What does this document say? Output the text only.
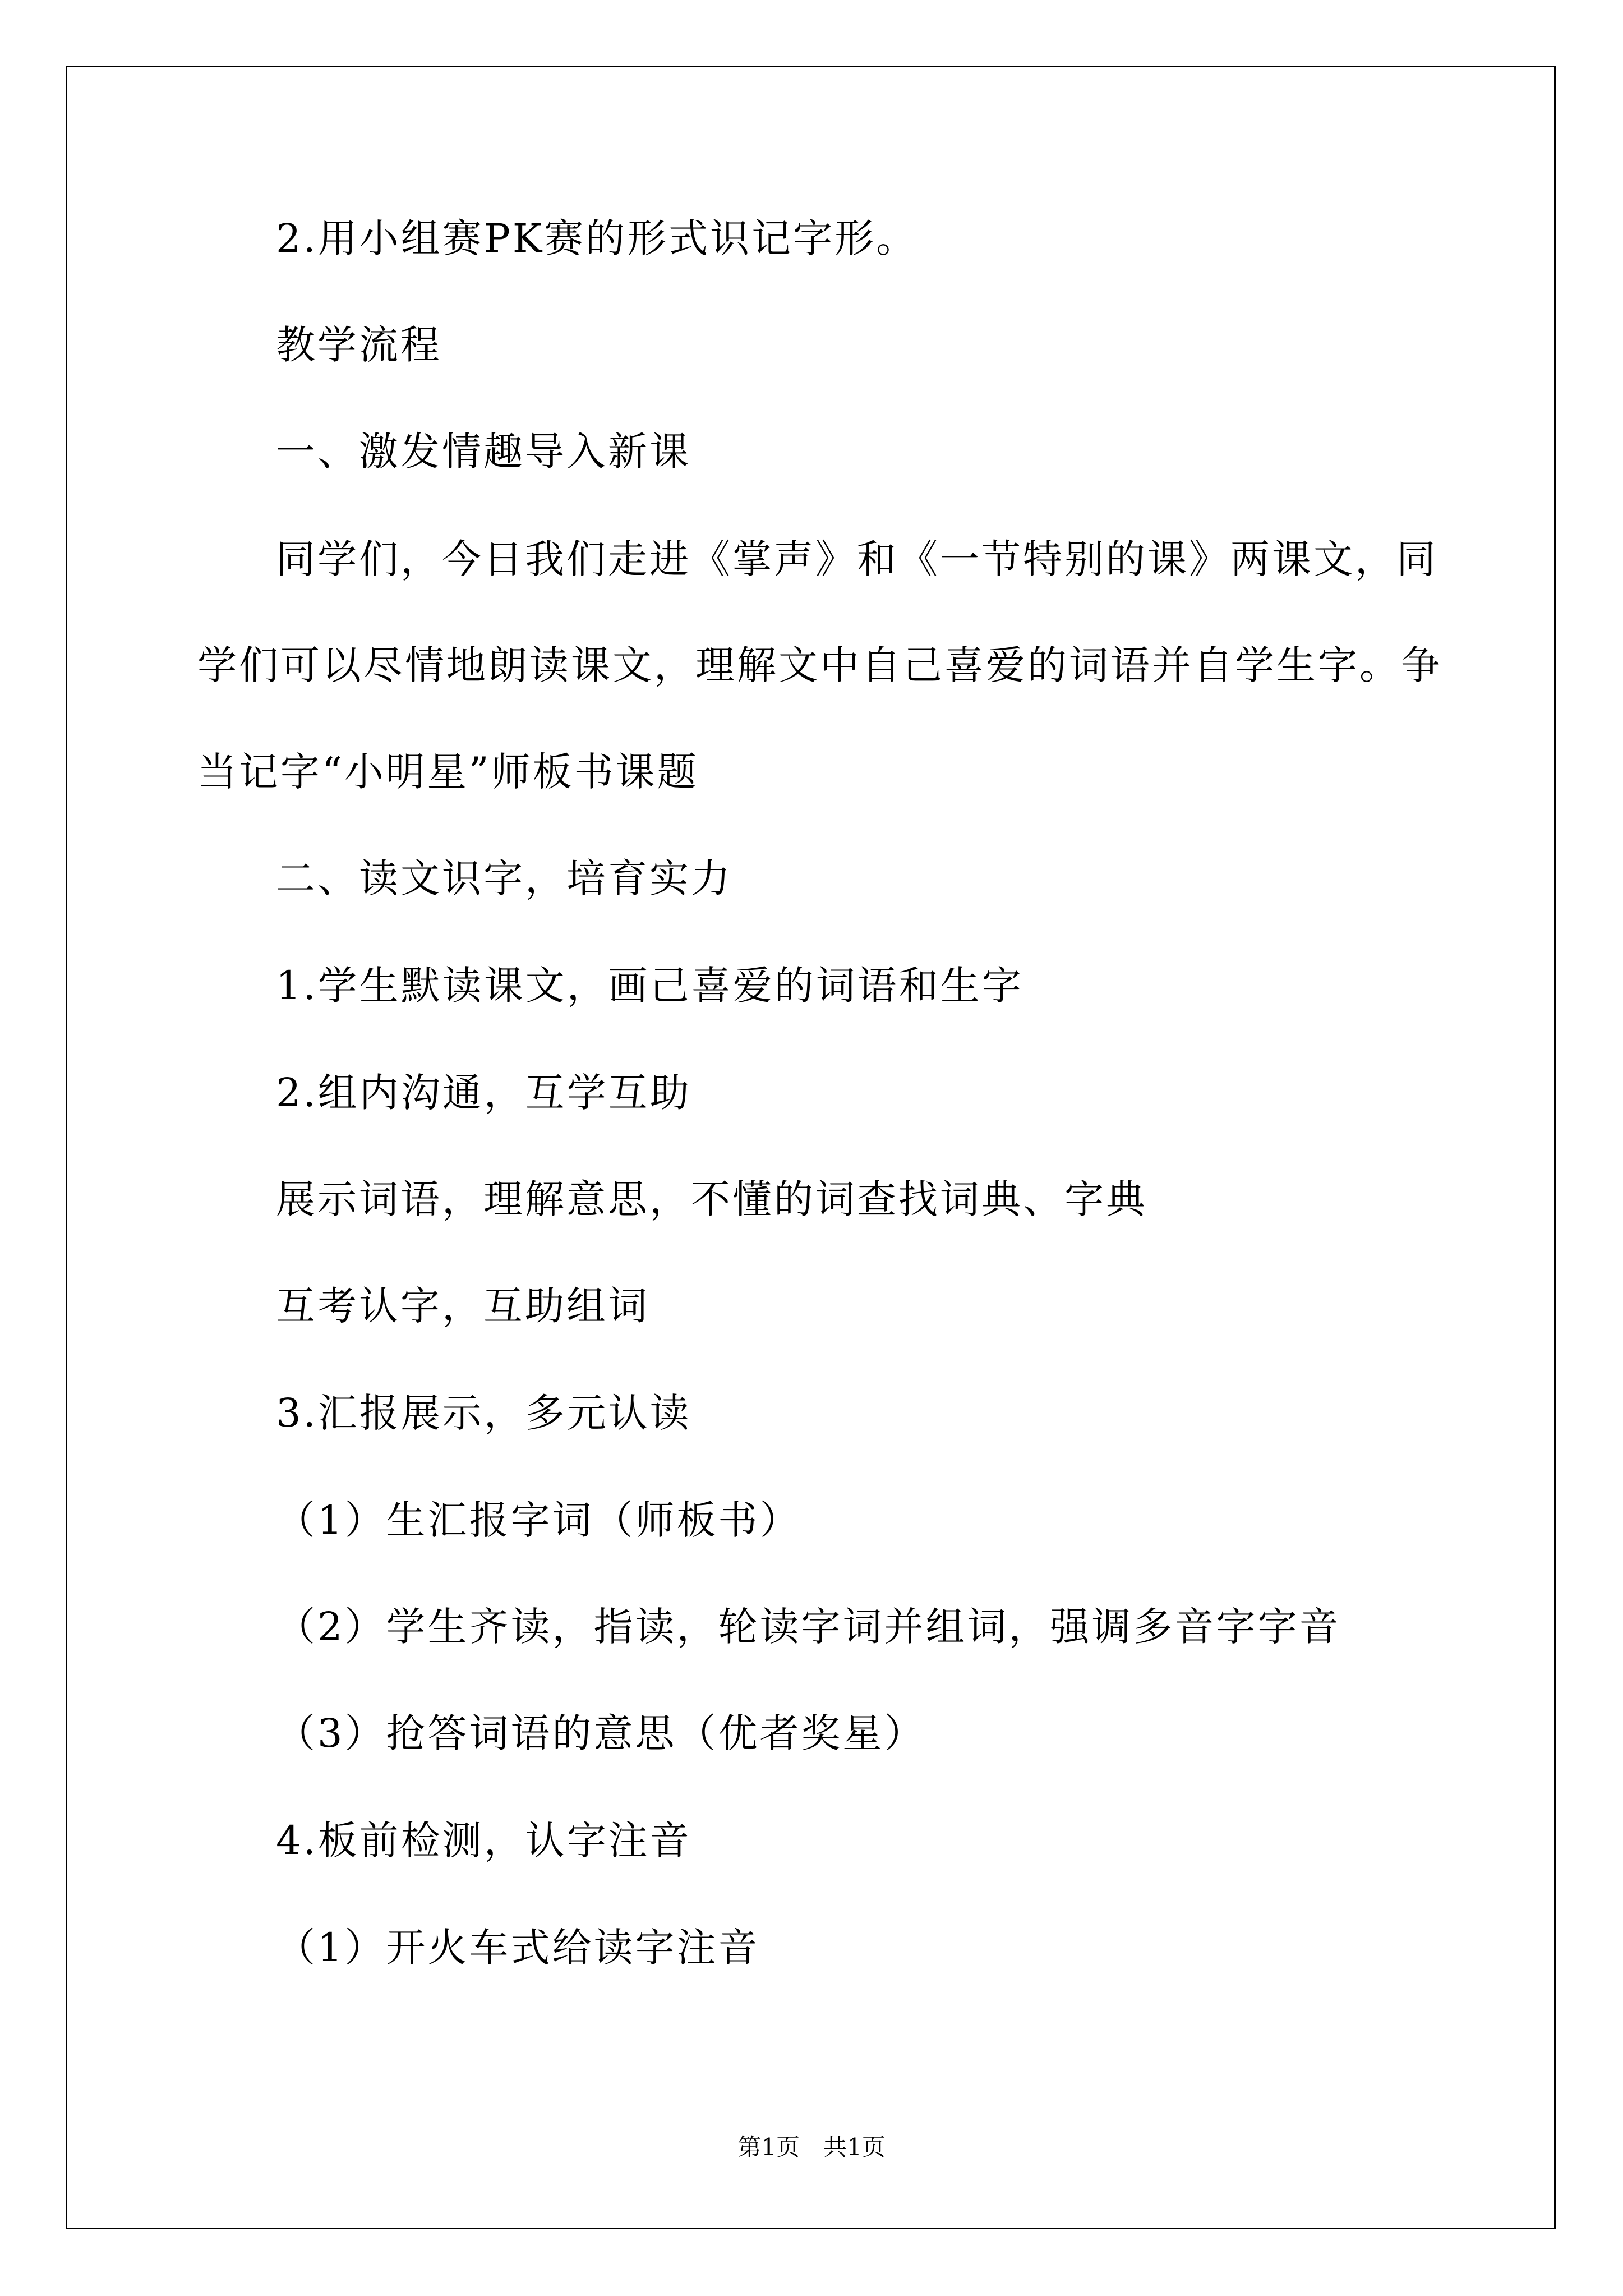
2.用小组赛PK赛的形式识记字形。
教学流程
一、激发情趣导入新课
同学们，今日我们走进《掌声》和《一节特别的课》两课文，同
学们可以尽情地朗读课文，理解文中自己喜爱的词语并自学生字。争
当记字“小明星”师板书课题
二、读文识字，培育实力
1.学生默读课文，画己喜爱的词语和生字
2.组内沟通，互学互助
展示词语，理解意思，不懂的词查找词典、字典
互考认字，互助组词
3.汇报展示，多元认读
（1）生汇报字词（师板书）
（2）学生齐读，指读，轮读字词并组词，强调多音字字音
（3）抢答词语的意思（优者奖星）
4.板前检测，认字注音
（1）开火车式给读字注音
第1页　共1页
